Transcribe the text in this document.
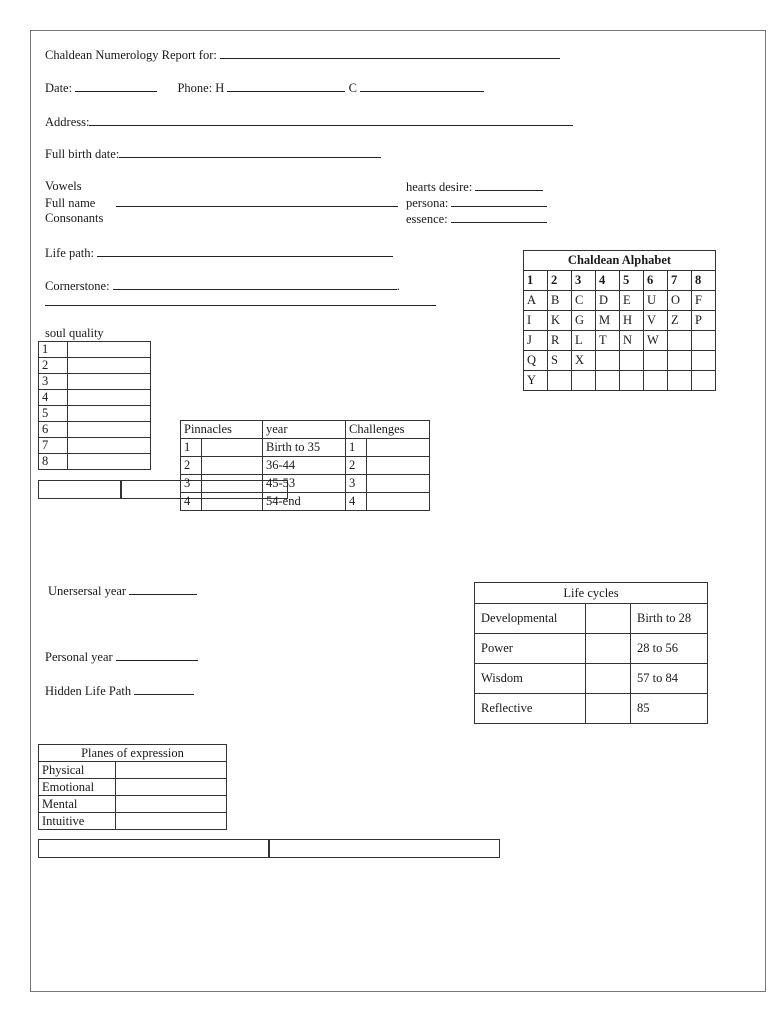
Chaldean Numerology Report for:
Date:	Phone: H	C
Address:
Full birth date:
Vowels
Full name
Consonants
hearts desire:
persona:
essence:
Life path:
Cornerstone:	.
Chaldean Alphabet							
1	2	3	4	5	6	7	8
A	B	C	D	E	U	O	F
I	K	G	M	H	V	Z	P
J	R	L	T	N	W		
Q	S	X					
Y							
soul quality
1	
2	
3	
4	
5	
6	
7	
8	
Pinnacles		year	Challenges	
1		Birth to 35	1	
2		36-44	2	
3		45-53	3	
4		54-end	4	
Unersersal year
Personal year
Hidden Life Path
Life cycles		
Developmental		Birth to 28
Power		28 to 56
Wisdom		57 to 84
Reflective		85
Planes of expression	
Physical	
Emotional	
Mental	
Intuitive	
